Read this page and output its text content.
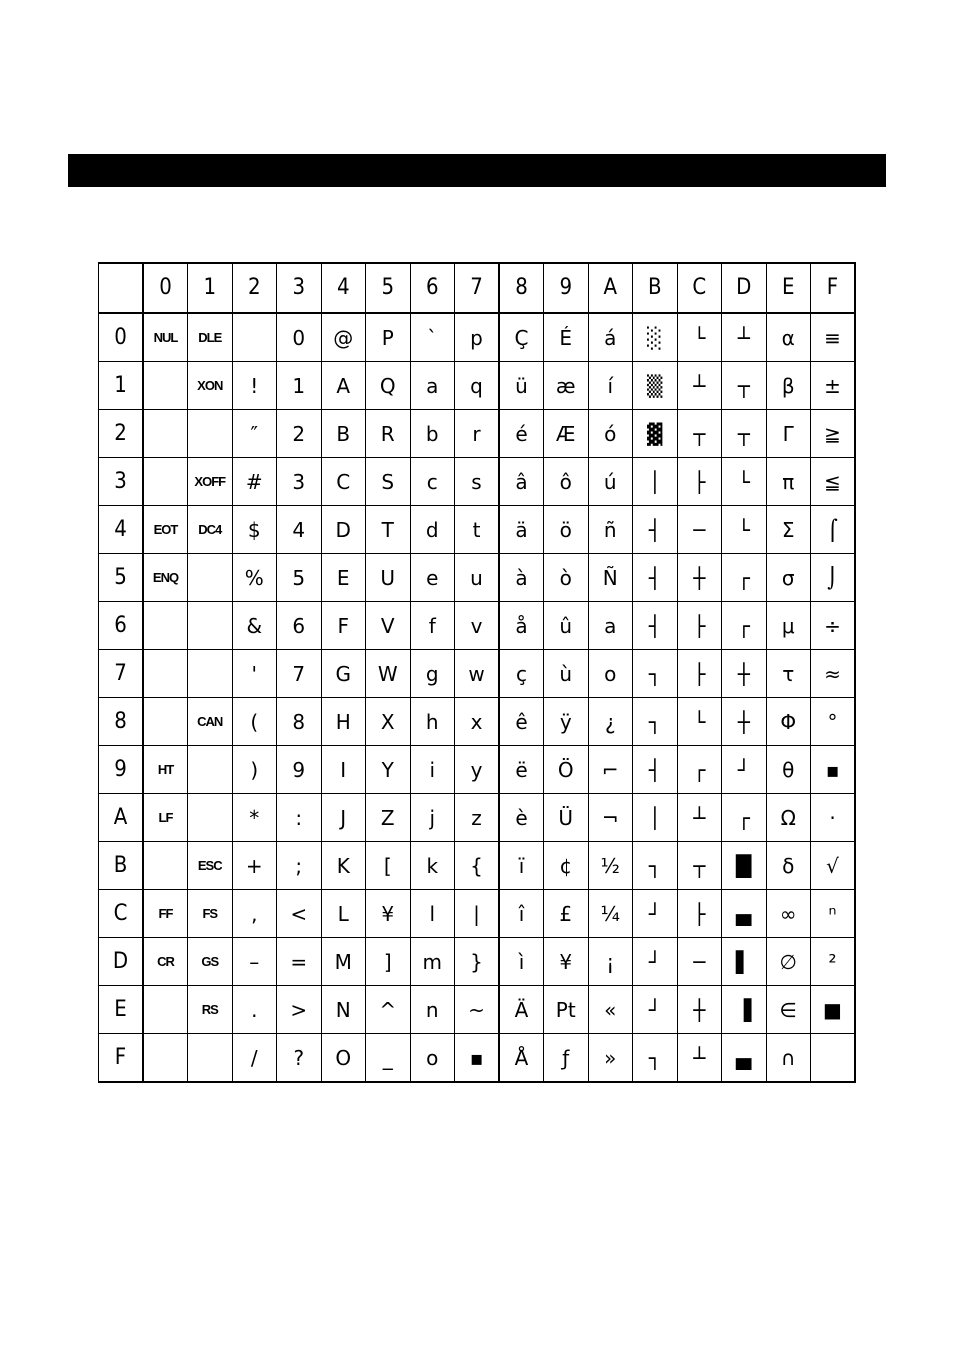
	0	1	2	3	4	5	6	7	8	9	A	B	C	D	E	F
0	NUL	DLE		0	@	P	`	p	Ç	É	á	░	└	┴	α	≡
1		XON	!	1	A	Q	a	q	ü	æ	í	▒	┴	┬	β	±
2			″	2	B	R	b	r	é	Æ	ó	▓	┬	┬	Γ	≧
3		XOFF	#	3	C	S	c	s	â	ô	ú	│	├	└	π	≦
4	EOT	DC4	$	4	D	T	d	t	ä	ö	ñ	┤	─	└	Σ	⌠
5	ENQ		%	5	E	U	e	u	à	ò	Ñ	┤	┼	┌	σ	⌡
6			&	6	F	V	f	v	å	û	a	┤	├	┌	μ	÷
7			'	7	G	W	g	w	ç	ù	o	┐	├	┼	τ	≈
8		CAN	(	8	H	X	h	x	ê	ÿ	¿	┐	└	┼	Φ	°
9	HT		)	9	I	Y	i	y	ë	Ö	⌐	┤	┌	┘	θ	▪
A	LF		*	:	J	Z	j	z	è	Ü	¬	│	┴	┌	Ω	·
B		ESC	+	;	K	[	k	{	ï	¢	½	┐	┬	█	δ	√
C	FF	FS	,	<	L	¥	l	|	î	£	¼	┘	├	▄	∞	ⁿ
D	CR	GS	–	=	M	]	m	}	ì	¥	¡	┘	─	▌	∅	²
E		RS	.	>	N	^	n	~	Ä	Pt	«	┘	┼	▐	∈	■
F			/	?	O	_	o	▪	Å	ƒ	»	┐	┴	▄	∩	
